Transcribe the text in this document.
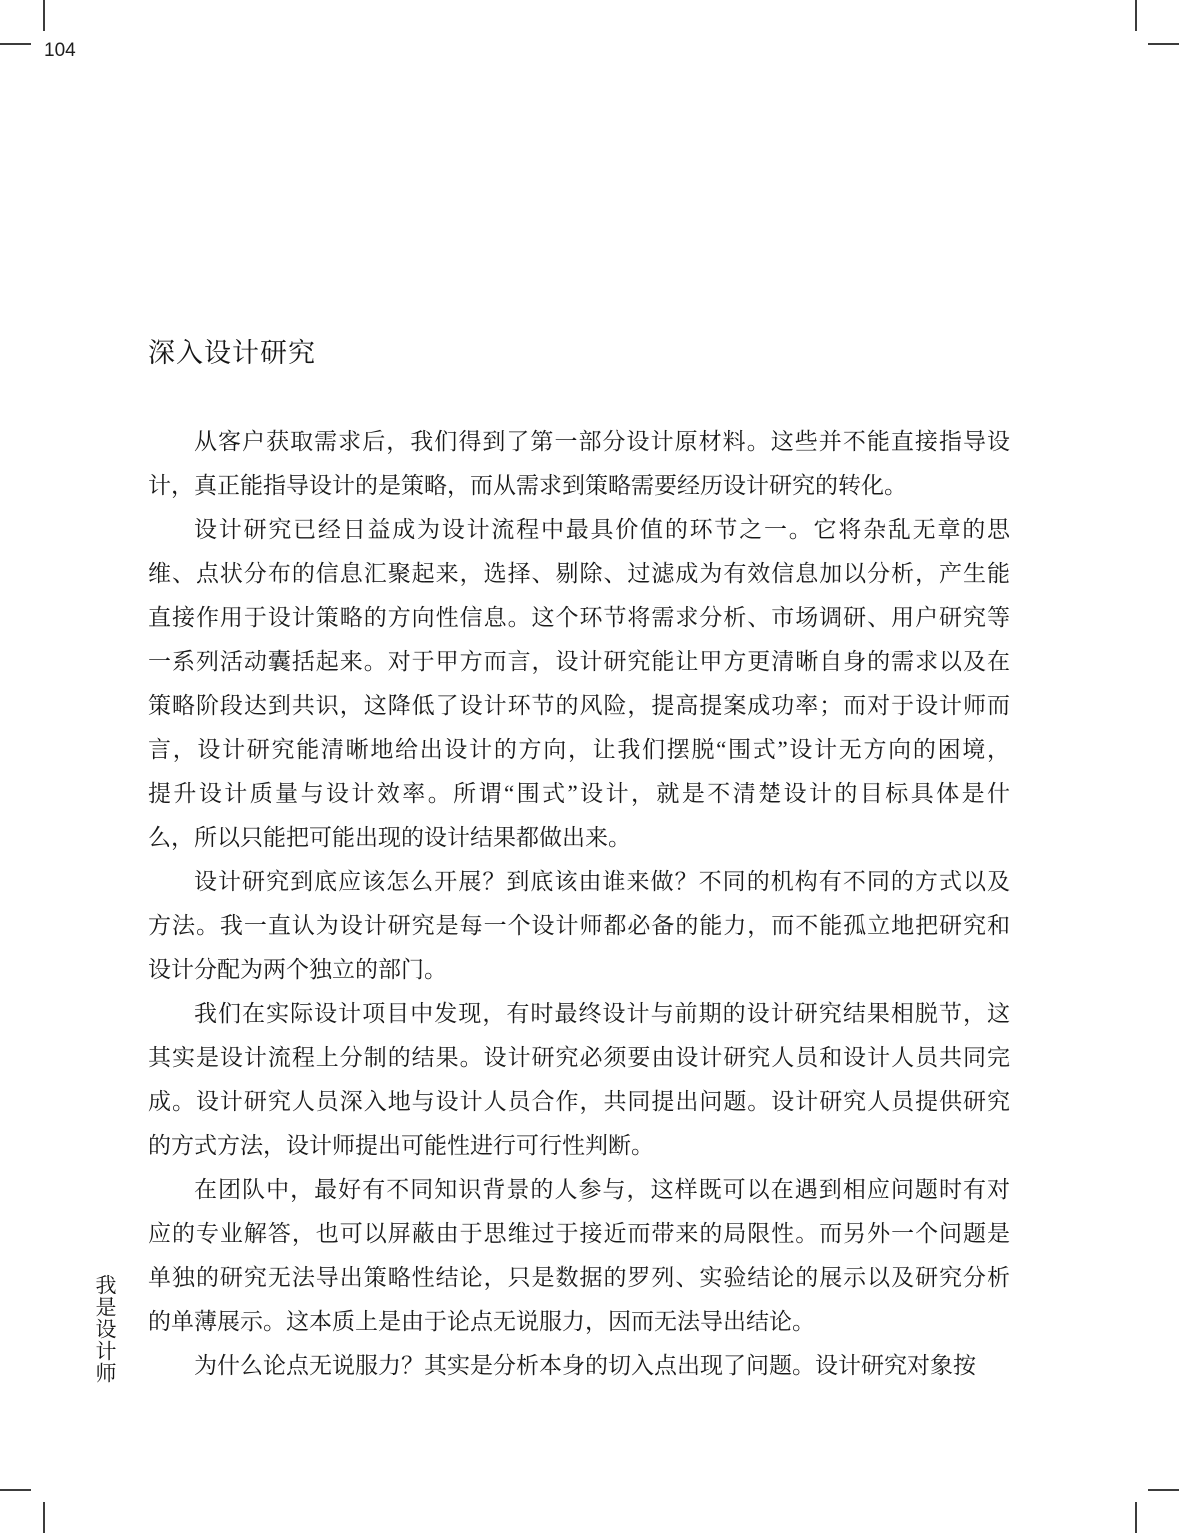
104
深入设计研究
从客户获取需求后，我们得到了第一部分设计原材料。这些并不能直接指导设
计，真正能指导设计的是策略，而从需求到策略需要经历设计研究的转化。
设计研究已经日益成为设计流程中最具价值的环节之一。它将杂乱无章的思
维、点状分布的信息汇聚起来，选择、剔除、过滤成为有效信息加以分析，产生能
直接作用于设计策略的方向性信息。这个环节将需求分析、市场调研、用户研究等
一系列活动囊括起来。对于甲方而言，设计研究能让甲方更清晰自身的需求以及在
策略阶段达到共识，这降低了设计环节的风险，提高提案成功率；而对于设计师而
言，设计研究能清晰地给出设计的方向，让我们摆脱“围式”设计无方向的困境，
提升设计质量与设计效率。所谓“围式”设计，就是不清楚设计的目标具体是什
么，所以只能把可能出现的设计结果都做出来。
设计研究到底应该怎么开展？到底该由谁来做？不同的机构有不同的方式以及
方法。我一直认为设计研究是每一个设计师都必备的能力，而不能孤立地把研究和
设计分配为两个独立的部门。
我们在实际设计项目中发现，有时最终设计与前期的设计研究结果相脱节，这
其实是设计流程上分制的结果。设计研究必须要由设计研究人员和设计人员共同完
成。设计研究人员深入地与设计人员合作，共同提出问题。设计研究人员提供研究
的方式方法，设计师提出可能性进行可行性判断。
在团队中，最好有不同知识背景的人参与，这样既可以在遇到相应问题时有对
应的专业解答，也可以屏蔽由于思维过于接近而带来的局限性。而另外一个问题是
单独的研究无法导出策略性结论，只是数据的罗列、实验结论的展示以及研究分析
的单薄展示。这本质上是由于论点无说服力，因而无法导出结论。
为什么论点无说服力？其实是分析本身的切入点出现了问题。设计研究对象按
我是设计师
